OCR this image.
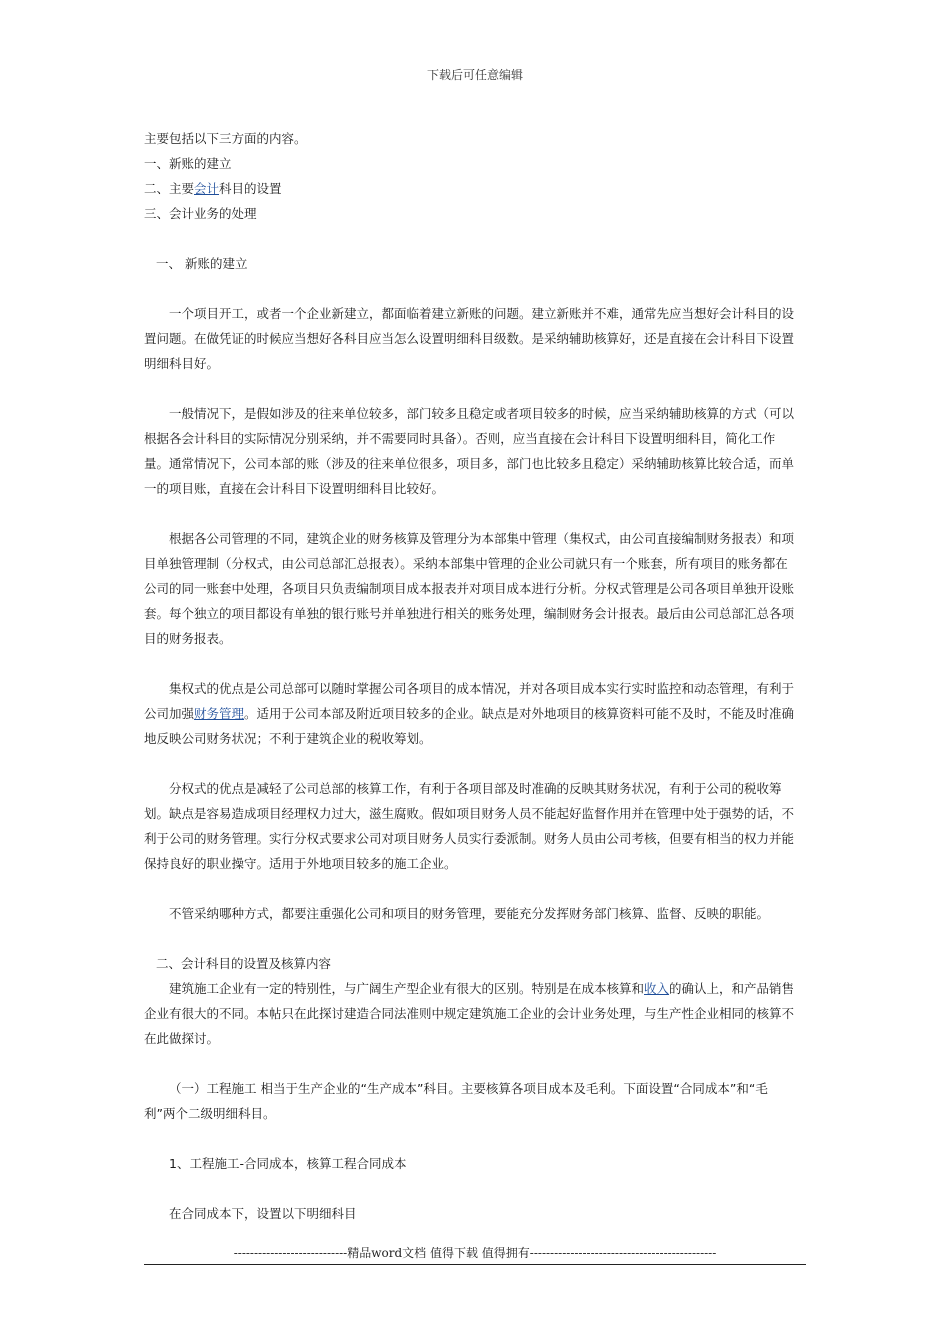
下载后可任意编辑

主要包括以下三方面的内容。

一、新账的建立

二、主要会计科目的设置

三、会计业务的处理

一、 新账的建立

一个项目开工，或者一个企业新建立，都面临着建立新账的问题。建立新账并不难，通常先应当想好会计科目的设置问题。在做凭证的时候应当想好各科目应当怎么设置明细科目级数。是采纳辅助核算好，还是直接在会计科目下设置明细科目好。

一般情况下，是假如涉及的往来单位较多，部门较多且稳定或者项目较多的时候，应当采纳辅助核算的方式（可以根据各会计科目的实际情况分别采纳，并不需要同时具备）。否则，应当直接在会计科目下设置明细科目，简化工作量。通常情况下，公司本部的账（涉及的往来单位很多，项目多，部门也比较多且稳定）采纳辅助核算比较合适，而单一的项目账，直接在会计科目下设置明细科目比较好。

根据各公司管理的不同，建筑企业的财务核算及管理分为本部集中管理（集权式，由公司直接编制财务报表）和项目单独管理制（分权式，由公司总部汇总报表）。采纳本部集中管理的企业公司就只有一个账套，所有项目的账务都在公司的同一账套中处理，各项目只负责编制项目成本报表并对项目成本进行分析。分权式管理是公司各项目单独开设账套。每个独立的项目都设有单独的银行账号并单独进行相关的账务处理，编制财务会计报表。最后由公司总部汇总各项目的财务报表。

集权式的优点是公司总部可以随时掌握公司各项目的成本情况，并对各项目成本实行实时监控和动态管理，有利于公司加强财务管理。适用于公司本部及附近项目较多的企业。缺点是对外地项目的核算资料可能不及时，不能及时准确地反映公司财务状况；不利于建筑企业的税收筹划。

分权式的优点是减轻了公司总部的核算工作，有利于各项目部及时准确的反映其财务状况，有利于公司的税收筹划。缺点是容易造成项目经理权力过大，滋生腐败。假如项目财务人员不能起好监督作用并在管理中处于强势的话，不利于公司的财务管理。实行分权式要求公司对项目财务人员实行委派制。财务人员由公司考核，但要有相当的权力并能保持良好的职业操守。适用于外地项目较多的施工企业。

不管采纳哪种方式，都要注重强化公司和项目的财务管理，要能充分发挥财务部门核算、监督、反映的职能。

二、会计科目的设置及核算内容

建筑施工企业有一定的特别性，与广阔生产型企业有很大的区别。特别是在成本核算和收入的确认上，和产品销售企业有很大的不同。本帖只在此探讨建造合同法准则中规定建筑施工企业的会计业务处理，与生产性企业相同的核算不在此做探讨。

（一）工程施工 相当于生产企业的“生产成本”科目。主要核算各项目成本及毛利。下面设置“合同成本”和“毛利”两个二级明细科目。

1、工程施工-合同成本，核算工程合同成本

在合同成本下，设置以下明细科目

----------------------------精品word文档 值得下载 值得拥有----------------------------------------------
